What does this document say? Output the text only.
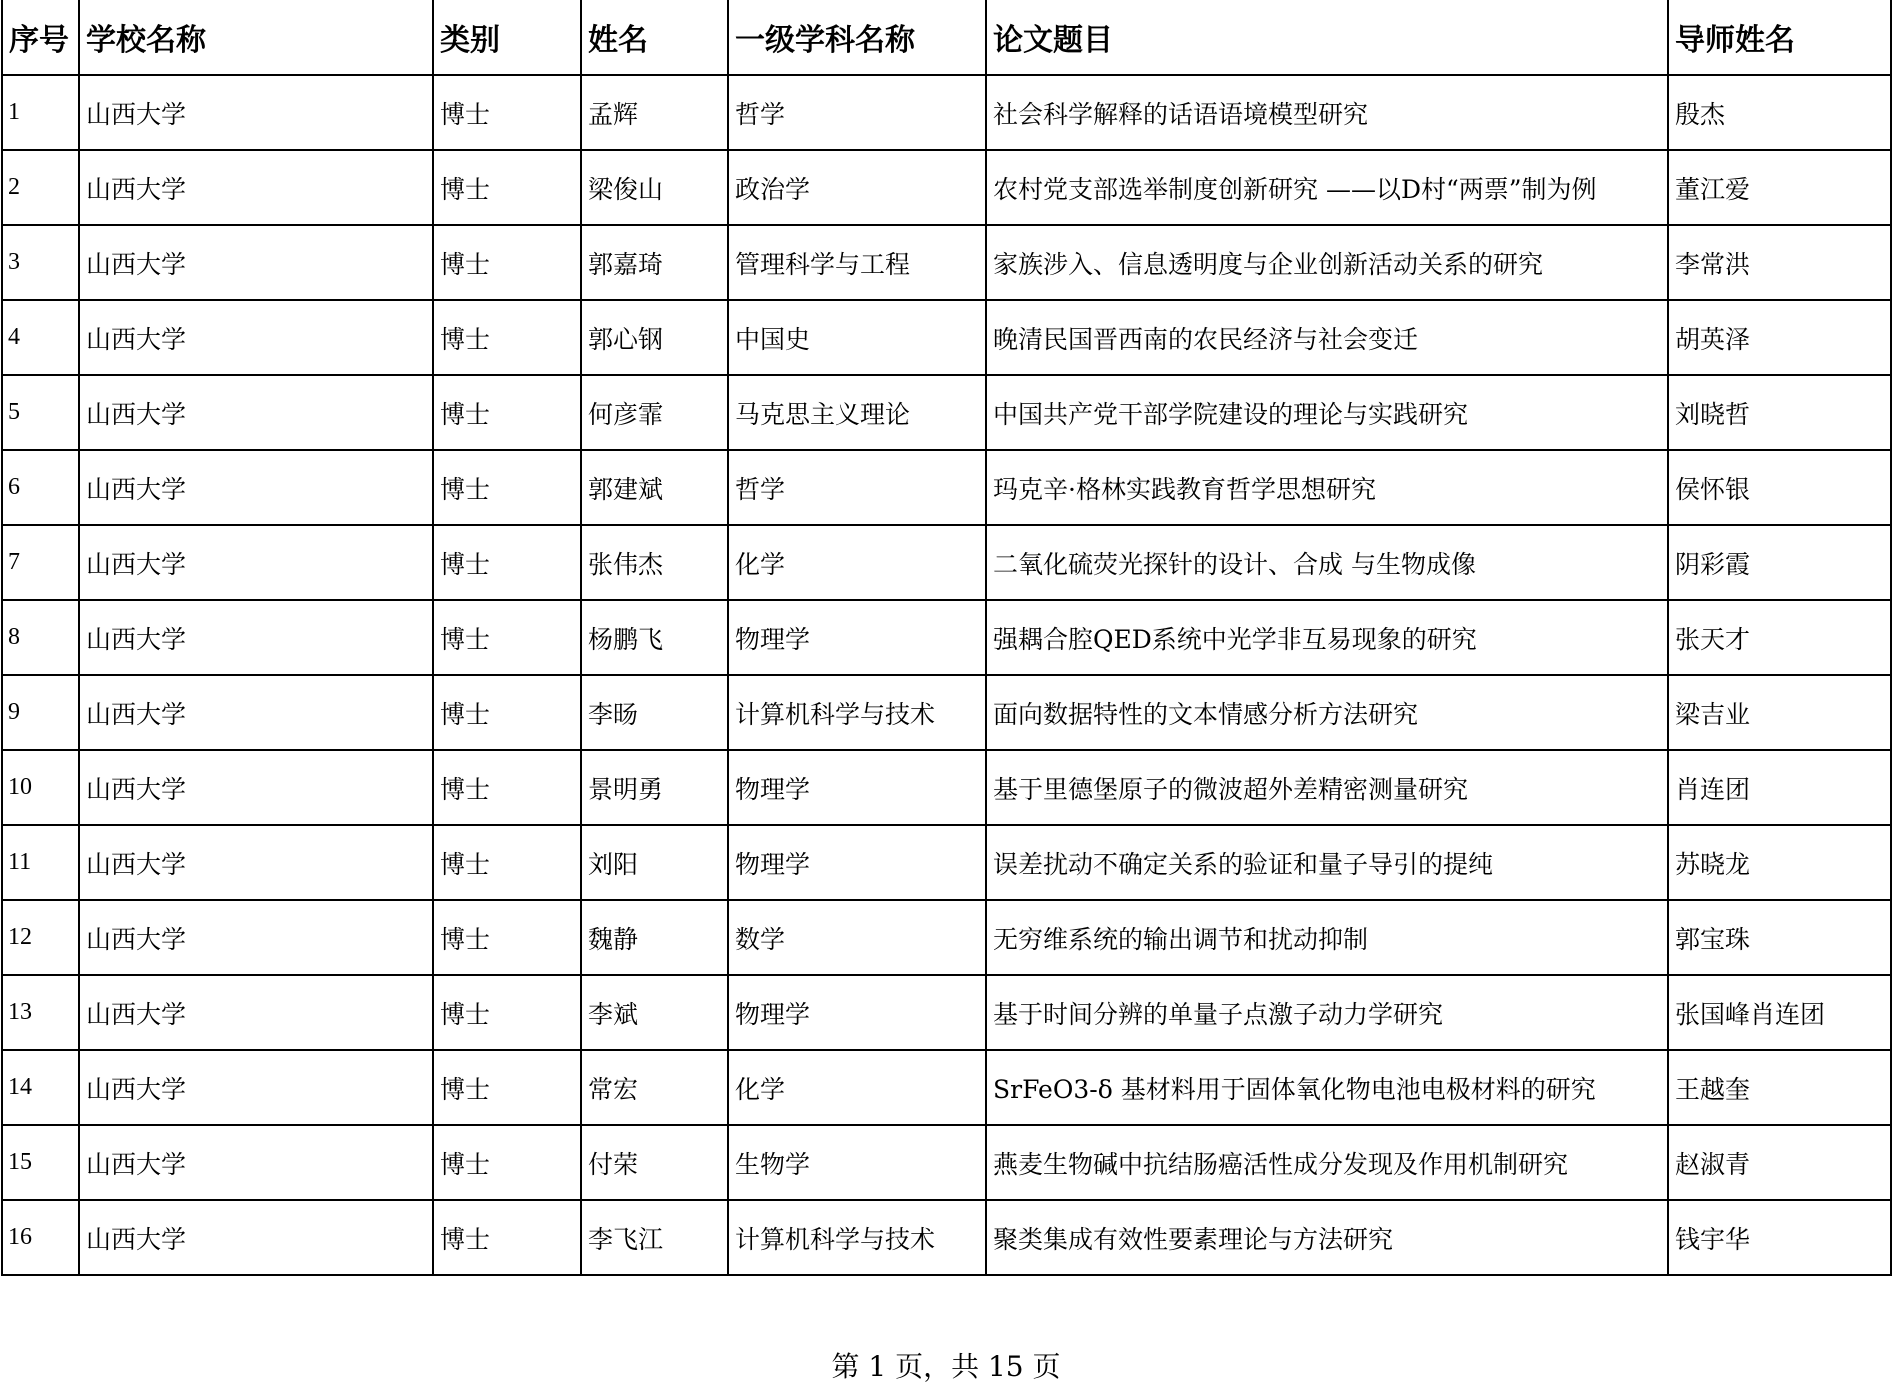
序号	学校名称	类别	姓名	一级学科名称	论文题目	导师姓名
1	山西大学	博士	孟辉	哲学	社会科学解释的话语语境模型研究	殷杰
2	山西大学	博士	梁俊山	政治学	农村党支部选举制度创新研究 ——以D村“两票”制为例	董江爱
3	山西大学	博士	郭嘉琦	管理科学与工程	家族涉入、信息透明度与企业创新活动关系的研究	李常洪
4	山西大学	博士	郭心钢	中国史	晚清民国晋西南的农民经济与社会变迁	胡英泽
5	山西大学	博士	何彦霏	马克思主义理论	中国共产党干部学院建设的理论与实践研究	刘晓哲
6	山西大学	博士	郭建斌	哲学	玛克辛·格林实践教育哲学思想研究	侯怀银
7	山西大学	博士	张伟杰	化学	二氧化硫荧光探针的设计、合成 与生物成像	阴彩霞
8	山西大学	博士	杨鹏飞	物理学	强耦合腔QED系统中光学非互易现象的研究	张天才
9	山西大学	博士	李旸	计算机科学与技术	面向数据特性的文本情感分析方法研究	梁吉业
10	山西大学	博士	景明勇	物理学	基于里德堡原子的微波超外差精密测量研究	肖连团
11	山西大学	博士	刘阳	物理学	误差扰动不确定关系的验证和量子导引的提纯	苏晓龙
12	山西大学	博士	魏静	数学	无穷维系统的输出调节和扰动抑制	郭宝珠
13	山西大学	博士	李斌	物理学	基于时间分辨的单量子点激子动力学研究	张国峰肖连团
14	山西大学	博士	常宏	化学	SrFeO3-δ 基材料用于固体氧化物电池电极材料的研究	王越奎
15	山西大学	博士	付荣	生物学	燕麦生物碱中抗结肠癌活性成分发现及作用机制研究	赵淑青
16	山西大学	博士	李飞江	计算机科学与技术	聚类集成有效性要素理论与方法研究	钱宇华
第 1 页，共 15 页
